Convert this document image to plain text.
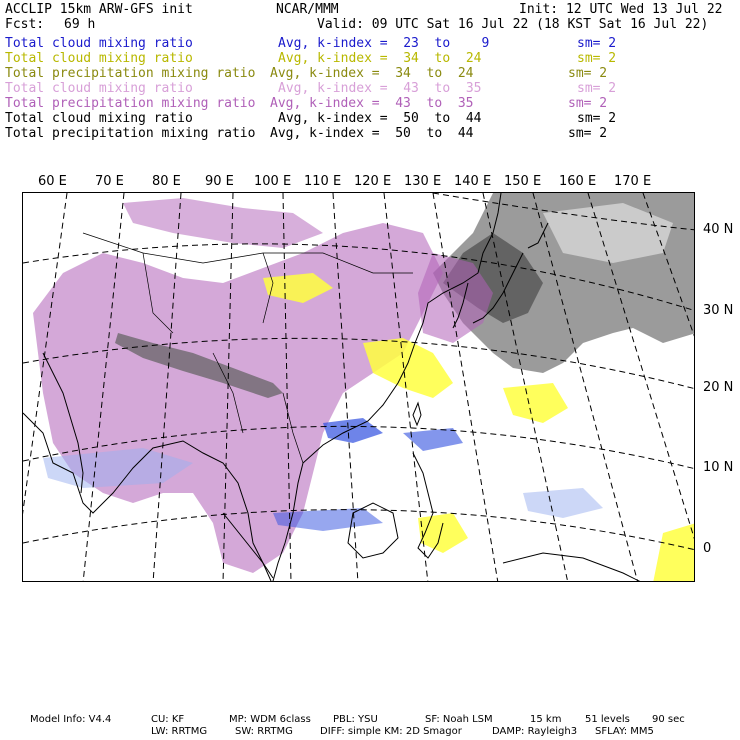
ACCLIP 15km ARW-GFS init	NCAR/MMM	Init: 12 UTC Wed 13 Jul 22
Fcst: 69 h	Valid: 09 UTC Sat 16 Jul 22 (18 KST Sat 16 Jul 22)
Total cloud mixing ratio	Avg, k-index =  23  to    9	sm= 2
Total cloud mixing ratio	Avg, k-index =  34  to  24	sm= 2
Total precipitation mixing ratio Avg, k-index =  34  to  24	sm= 2
Total cloud mixing ratio	Avg, k-index =  43  to  35	sm= 2
Total precipitation mixing ratio Avg, k-index =  43  to  35	sm= 2
Total cloud mixing ratio	Avg, k-index =  50  to  44	sm= 2
Total precipitation mixing ratio Avg, k-index =  50  to  44	sm= 2
60 E 70 E 80 E 90 E 100 E 110 E 120 E 130 E 140 E 150 E 160 E 170 E
40 N
30 N
20 N
10 N
0
Model Info: V4.4	CU: KF	MP: WDM 6class PBL: YSU	SF: Noah LSM	15 km 51 levels 90 sec
LW: RRTMG	SW: RRTMG	DIFF: simple KM: 2D Smagor	DAMP: Rayleigh3 SFLAY: MM5
